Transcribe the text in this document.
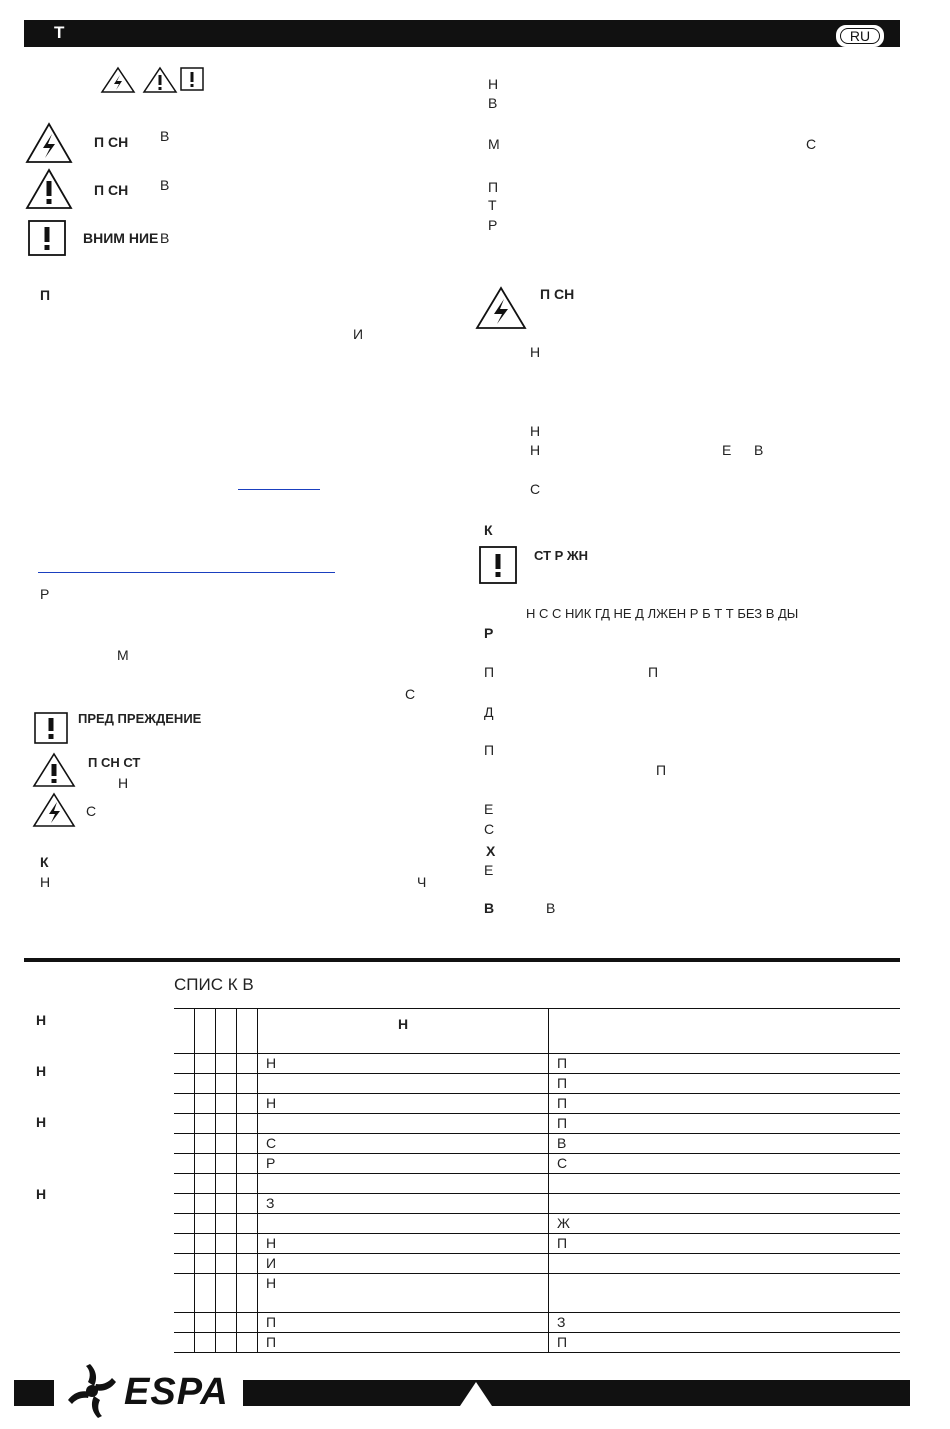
Т	RU
П СН В
П СН В
ВНИМ НИЕ В
П
И
Р
М
С
ПРЕД ПРЕЖДЕНИЕ
П СН СТ
Н
С
К
Н	Ч
Н
В
М	С
П
Т
Р
П СН
Н
Н
Н	Е В
С
К
СТ Р ЖН
Н С С НИК ГД НЕ Д ЛЖЕН Р Б Т Т БЕЗ В ДЫ
Р
П	П
Д
П
П
Е
С
Х
Е
В	В
СПИС К В
Н
Н
Н
Н
				Н	
				Н	П
					П
				Н	П
					П
				С	В
				Р	С

				З	
					Ж
				Н	П
				И	
				Н	
				П	З
				П	П
ESPA
